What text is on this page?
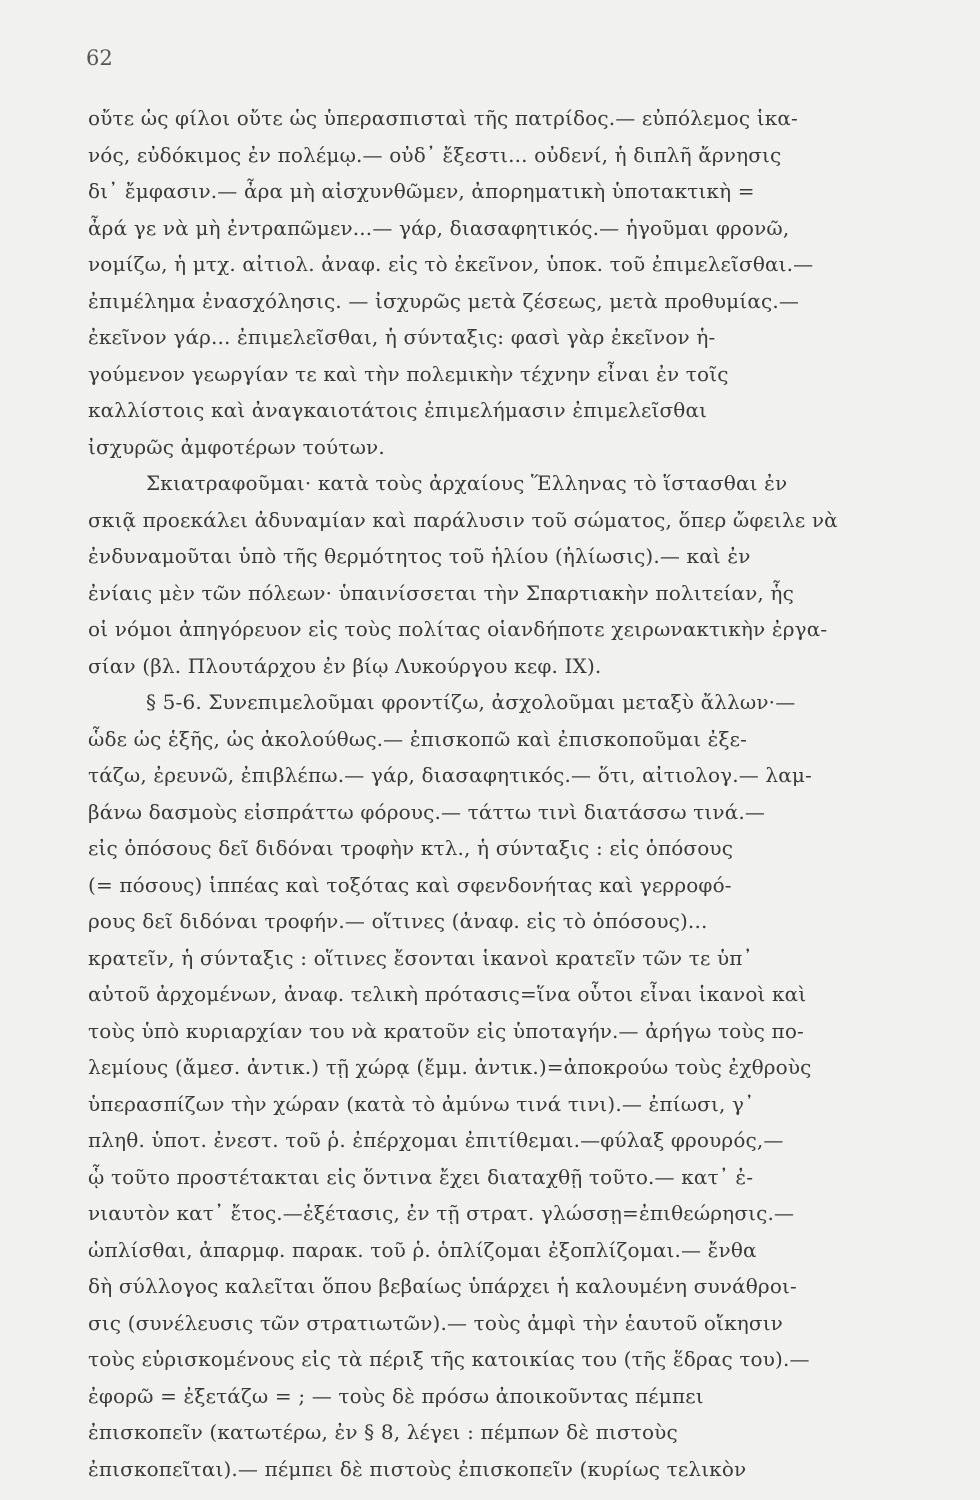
62
οὔτε ὡς φίλοι οὔτε ὡς ὑπερασπισταὶ τῆς πατρίδος.— εὐπόλεμος ἱκα-
νός, εὐδόκιμος ἐν πολέμῳ.— οὐδ᾽ ἔξεστι... οὐδενί, ἡ διπλῆ ἄρνησις
δι᾽ ἔμφασιν.— ἆρα μὴ αἰσχυνθῶμεν, ἀπορηματικὴ ὑποτακτικὴ =
ἆρά γε νὰ μὴ ἐντραπῶμεν...— γάρ, διασαφητικός.— ἡγοῦμαι φρονῶ,
νομίζω, ἡ μτχ. αἰτιολ. ἀναφ. εἰς τὸ ἐκεῖνον, ὑποκ. τοῦ ἐπιμελεῖσθαι.—
ἐπιμέλημα ἐνασχόλησις. — ἰσχυρῶς μετὰ ζέσεως, μετὰ προθυμίας.—
ἐκεῖνον γάρ... ἐπιμελεῖσθαι, ἡ σύνταξις: φασὶ γὰρ ἐκεῖνον ἡ-
γούμενον γεωργίαν τε καὶ τὴν πολεμικὴν τέχνην εἶναι ἐν τοῖς
καλλίστοις καὶ ἀναγκαιοτάτοις ἐπιμελήμασιν ἐπιμελεῖσθαι
ἰσχυρῶς ἀμφοτέρων τούτων.
Σκιατραφοῦμαι· κατὰ τοὺς ἀρχαίους Ἕλληνας τὸ ἵστασθαι ἐν
σκιᾷ προεκάλει ἀδυναμίαν καὶ παράλυσιν τοῦ σώματος, ὅπερ ὤφειλε νὰ
ἐνδυναμοῦται ὑπὸ τῆς θερμότητος τοῦ ἡλίου (ἡλίωσις).— καὶ ἐν
ἐνίαις μὲν τῶν πόλεων· ὑπαινίσσεται τὴν Σπαρτιακὴν πολιτείαν, ἧς
οἱ νόμοι ἀπηγόρευον εἰς τοὺς πολίτας οἱανδήποτε χειρωνακτικὴν ἐργα-
σίαν (βλ. Πλουτάρχου ἐν βίῳ Λυκούργου κεφ. IX).
§ 5-6. Συνεπιμελοῦμαι φροντίζω, ἀσχολοῦμαι μεταξὺ ἄλλων·—
ὧδε ὡς ἑξῆς, ὡς ἀκολούθως.— ἐπισκοπῶ καὶ ἐπισκοποῦμαι ἐξε-
τάζω, ἐρευνῶ, ἐπιβλέπω.— γάρ, διασαφητικός.— ὅτι, αἰτιολογ.— λαμ-
βάνω δασμοὺς εἰσπράττω φόρους.— τάττω τινὶ διατάσσω τινά.—
εἰς ὁπόσους δεῖ διδόναι τροφὴν κτλ., ἡ σύνταξις : εἰς ὁπόσους
(= πόσους) ἱππέας καὶ τοξότας καὶ σφενδονήτας καὶ γερροφό-
ρους δεῖ διδόναι τροφήν.— οἵτινες (ἀναφ. εἰς τὸ ὁπόσους)...
κρατεῖν, ἡ σύνταξις : οἵτινες ἔσονται ἱκανοὶ κρατεῖν τῶν τε ὑπ᾽
αὐτοῦ ἀρχομένων, ἀναφ. τελικὴ πρότασις=ἵνα οὗτοι εἶναι ἱκανοὶ καὶ
τοὺς ὑπὸ κυριαρχίαν του νὰ κρατοῦν εἰς ὑποταγήν.— ἀρήγω τοὺς πο-
λεμίους (ἄμεσ. ἀντικ.) τῇ χώρᾳ (ἔμμ. ἀντικ.)=ἀποκρούω τοὺς ἐχθροὺς
ὑπερασπίζων τὴν χώραν (κατὰ τὸ ἀμύνω τινά τινι).— ἐπίωσι, γ᾽
πληθ. ὑποτ. ἐνεστ. τοῦ ῥ. ἐπέρχομαι ἐπιτίθεμαι.—φύλαξ φρουρός,—
ᾧ τοῦτο προστέτακται εἰς ὅντινα ἔχει διαταχθῇ τοῦτο.— κατ᾽ ἐ-
νιαυτὸν κατ᾽ ἔτος.—ἐξέτασις, ἐν τῇ στρατ. γλώσσῃ=ἐπιθεώρησις.—
ὡπλίσθαι, ἀπαρμφ. παρακ. τοῦ ῥ. ὁπλίζομαι ἐξοπλίζομαι.— ἔνθα
δὴ σύλλογος καλεῖται ὅπου βεβαίως ὑπάρχει ἡ καλουμένη συνάθροι-
σις (συνέλευσις τῶν στρατιωτῶν).— τοὺς ἀμφὶ τὴν ἑαυτοῦ οἴκησιν
τοὺς εὑρισκομένους εἰς τὰ πέριξ τῆς κατοικίας του (τῆς ἕδρας του).—
ἐφορῶ = ἐξετάζω = ; — τοὺς δὲ πρόσω ἀποικοῦντας πέμπει
ἐπισκοπεῖν (κατωτέρω, ἐν § 8, λέγει : πέμπων δὲ πιστοὺς
ἐπισκοπεῖται).— πέμπει δὲ πιστοὺς ἐπισκοπεῖν (κυρίως τελικὸν
